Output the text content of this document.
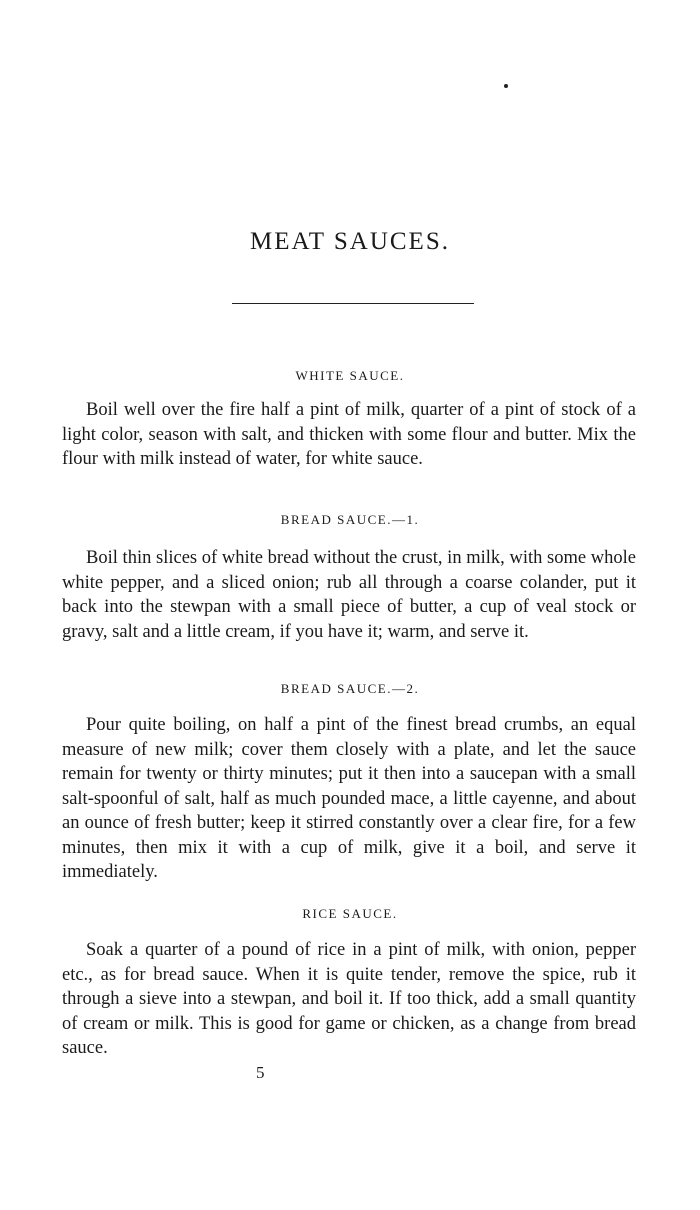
MEAT SAUCES.
WHITE SAUCE.

Boil well over the fire half a pint of milk, quarter of a pint of stock of a light color, season with salt, and thicken with some flour and butter. Mix the flour with milk instead of water, for white sauce.

BREAD SAUCE.—1.

Boil thin slices of white bread without the crust, in milk, with some whole white pepper, and a sliced onion; rub all through a coarse colander, put it back into the stewpan with a small piece of butter, a cup of veal stock or gravy, salt and a little cream, if you have it; warm, and serve it.

BREAD SAUCE.—2.

Pour quite boiling, on half a pint of the finest bread crumbs, an equal measure of new milk; cover them closely with a plate, and let the sauce remain for twenty or thirty minutes; put it then into a saucepan with a small salt-spoonful of salt, half as much pounded mace, a little cayenne, and about an ounce of fresh butter; keep it stirred constantly over a clear fire, for a few minutes, then mix it with a cup of milk, give it a boil, and serve it immediately.

RICE SAUCE.

Soak a quarter of a pound of rice in a pint of milk, with onion, pepper etc., as for bread sauce. When it is quite tender, remove the spice, rub it through a sieve into a stewpan, and boil it. If too thick, add a small quantity of cream or milk. This is good for game or chicken, as a change from bread sauce.

5
